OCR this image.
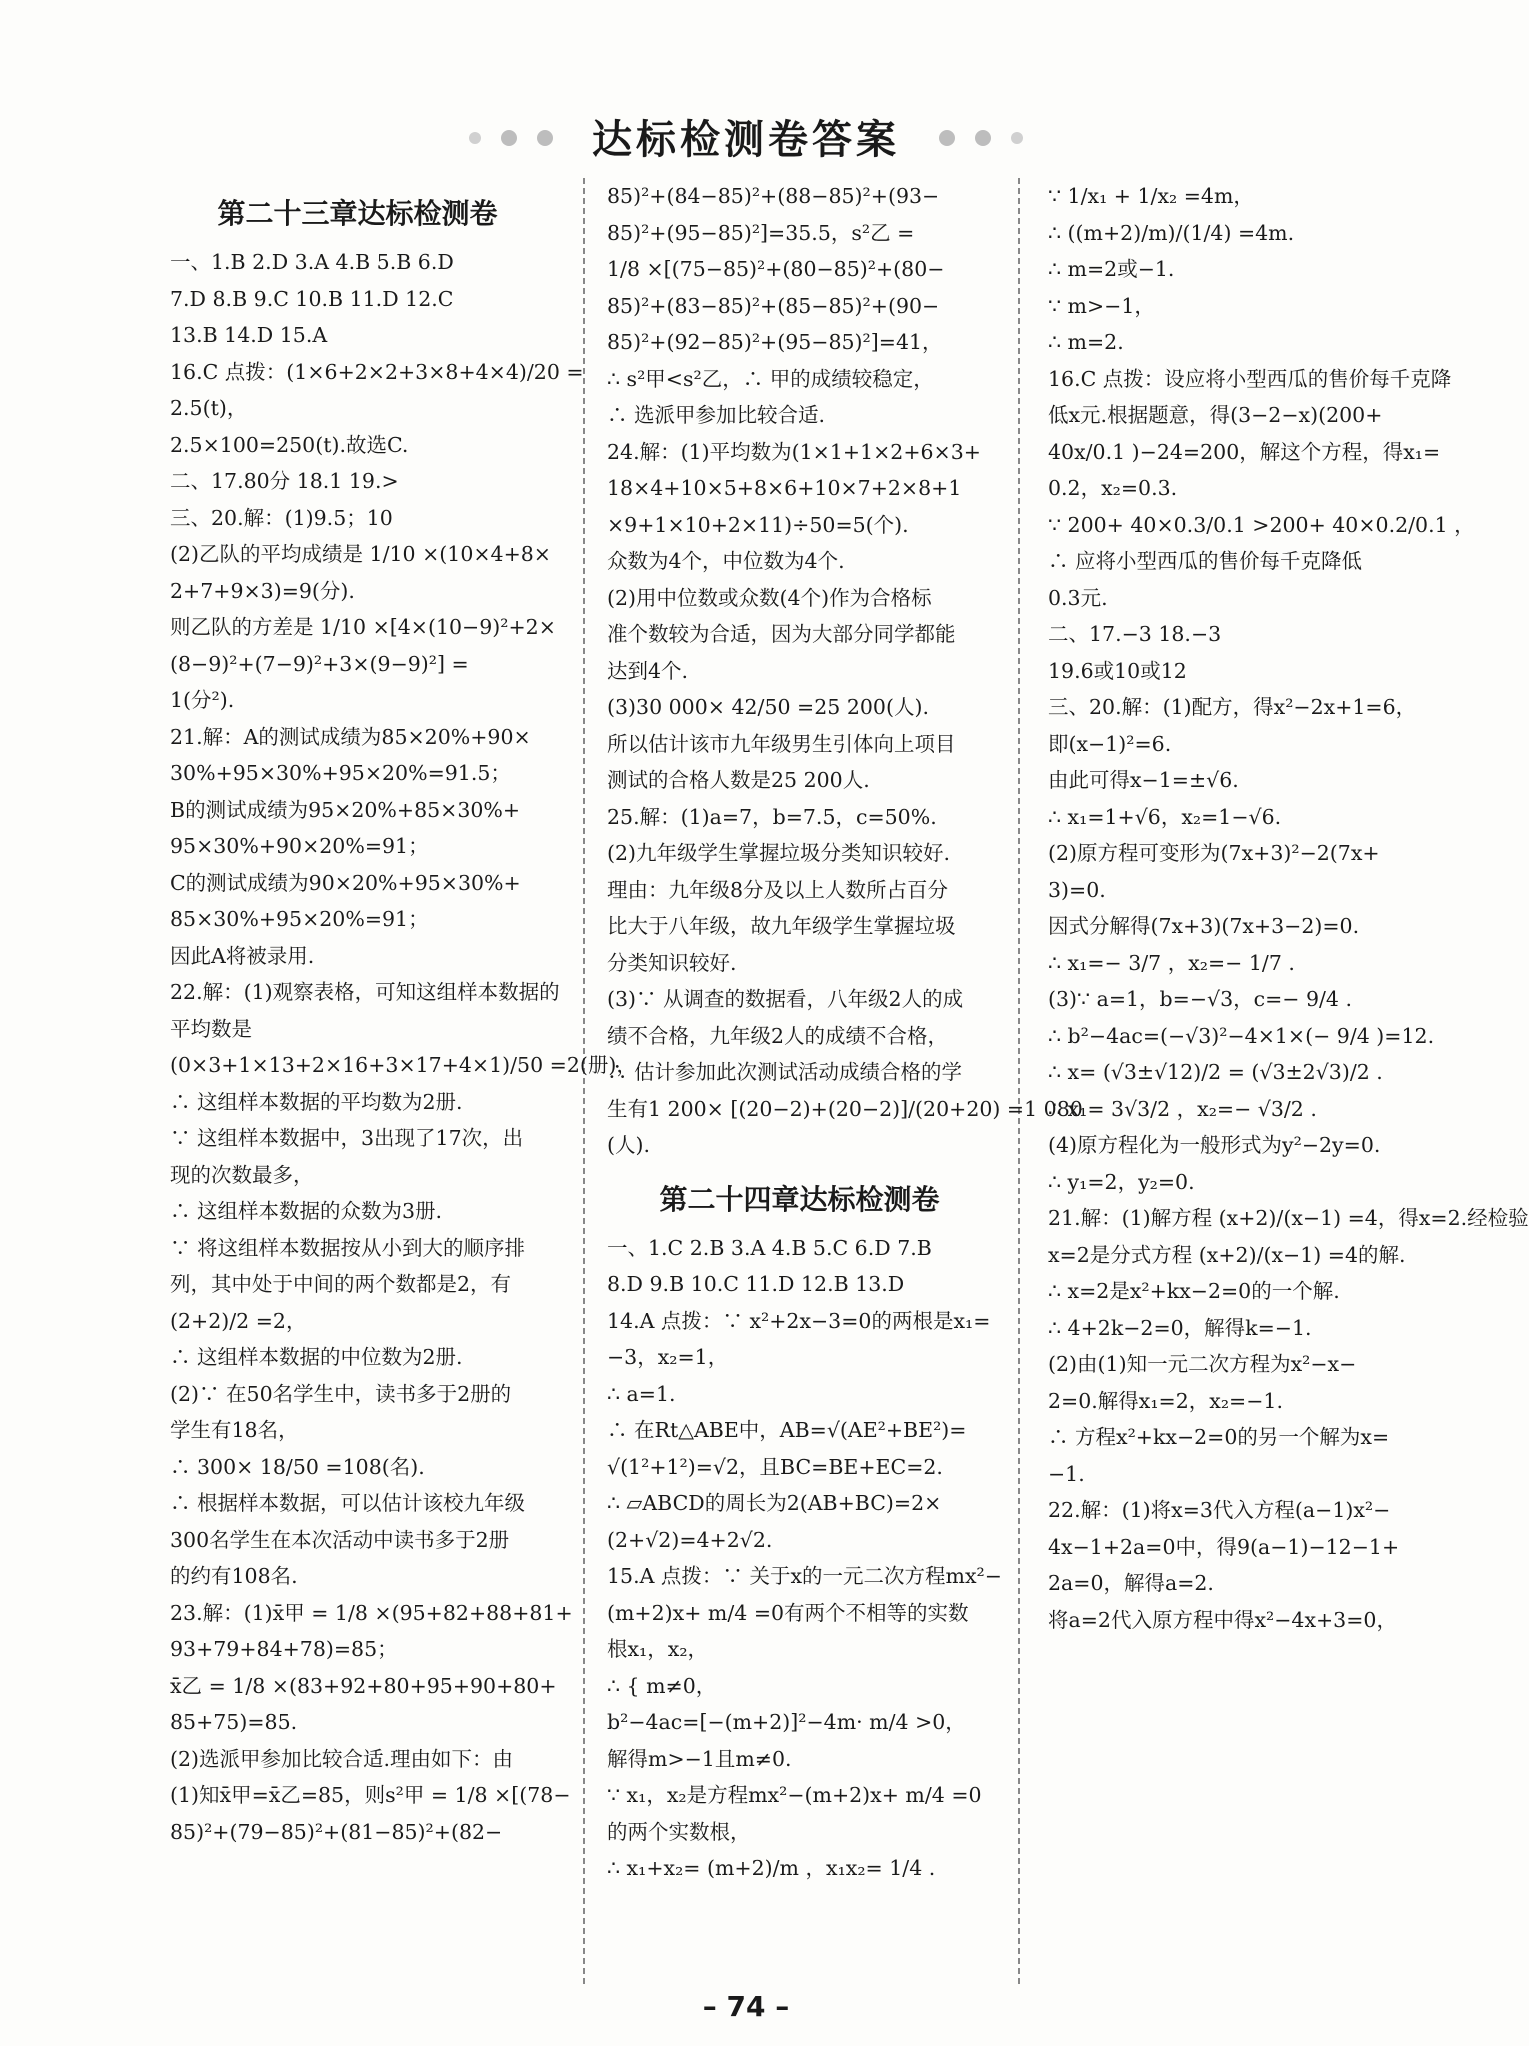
达标检测卷答案
第二十三章达标检测卷
一、1.B 2.D 3.A 4.B 5.B 6.D
7.D 8.B 9.C 10.B 11.D 12.C
13.B 14.D 15.A
16.C 点拨：(1×6+2×2+3×8+4×4)/20 =
2.5(t)，
2.5×100=250(t).故选C.
二、17.80分 18.1 19.>
三、20.解：(1)9.5；10
(2)乙队的平均成绩是 1/10 ×(10×4+8×
2+7+9×3)=9(分).
则乙队的方差是 1/10 ×[4×(10−9)²+2×
(8−9)²+(7−9)²+3×(9−9)²] =
1(分²).
21.解：A的测试成绩为85×20%+90×
30%+95×30%+95×20%=91.5；
B的测试成绩为95×20%+85×30%+
95×30%+90×20%=91；
C的测试成绩为90×20%+95×30%+
85×30%+95×20%=91；
因此A将被录用.
22.解：(1)观察表格，可知这组样本数据的
平均数是
(0×3+1×13+2×16+3×17+4×1)/50 =2(册)，
∴ 这组样本数据的平均数为2册.
∵ 这组样本数据中，3出现了17次，出
现的次数最多，
∴ 这组样本数据的众数为3册.
∵ 将这组样本数据按从小到大的顺序排
列，其中处于中间的两个数都是2，有
(2+2)/2 =2，
∴ 这组样本数据的中位数为2册.
(2)∵ 在50名学生中，读书多于2册的
学生有18名，
∴ 300× 18/50 =108(名).
∴ 根据样本数据，可以估计该校九年级
300名学生在本次活动中读书多于2册
的约有108名.
23.解：(1)x̄甲 = 1/8 ×(95+82+88+81+
93+79+84+78)=85；
x̄乙 = 1/8 ×(83+92+80+95+90+80+
85+75)=85.
(2)选派甲参加比较合适.理由如下：由
(1)知x̄甲=x̄乙=85，则s²甲 = 1/8 ×[(78−
85)²+(79−85)²+(81−85)²+(82−
85)²+(84−85)²+(88−85)²+(93−
85)²+(95−85)²]=35.5，s²乙 =
1/8 ×[(75−85)²+(80−85)²+(80−
85)²+(83−85)²+(85−85)²+(90−
85)²+(92−85)²+(95−85)²]=41，
∴ s²甲<s²乙，∴ 甲的成绩较稳定，
∴ 选派甲参加比较合适.
24.解：(1)平均数为(1×1+1×2+6×3+
18×4+10×5+8×6+10×7+2×8+1
×9+1×10+2×11)÷50=5(个).
众数为4个，中位数为4个.
(2)用中位数或众数(4个)作为合格标
准个数较为合适，因为大部分同学都能
达到4个.
(3)30 000× 42/50 =25 200(人).
所以估计该市九年级男生引体向上项目
测试的合格人数是25 200人.
25.解：(1)a=7，b=7.5，c=50%.
(2)九年级学生掌握垃圾分类知识较好.
理由：九年级8分及以上人数所占百分
比大于八年级，故九年级学生掌握垃圾
分类知识较好.
(3)∵ 从调查的数据看，八年级2人的成
绩不合格，九年级2人的成绩不合格，
∴ 估计参加此次测试活动成绩合格的学
生有1 200× [(20−2)+(20−2)]/(20+20) =1 080
(人).
第二十四章达标检测卷
一、1.C 2.B 3.A 4.B 5.C 6.D 7.B
8.D 9.B 10.C 11.D 12.B 13.D
14.A 点拨：∵ x²+2x−3=0的两根是x₁=
−3，x₂=1，
∴ a=1.
∴ 在Rt△ABE中，AB=√(AE²+BE²)=
√(1²+1²)=√2，且BC=BE+EC=2.
∴ ▱ABCD的周长为2(AB+BC)=2×
(2+√2)=4+2√2.
15.A 点拨：∵ 关于x的一元二次方程mx²−
(m+2)x+ m/4 =0有两个不相等的实数
根x₁，x₂，
∴ { m≠0，
b²−4ac=[−(m+2)]²−4m· m/4 >0，
解得m>−1且m≠0.
∵ x₁，x₂是方程mx²−(m+2)x+ m/4 =0
的两个实数根，
∴ x₁+x₂= (m+2)/m ，x₁x₂= 1/4 .
∵ 1/x₁ + 1/x₂ =4m，
∴ ((m+2)/m)/(1/4) =4m.
∴ m=2或−1.
∵ m>−1，
∴ m=2.
16.C 点拨：设应将小型西瓜的售价每千克降
低x元.根据题意，得(3−2−x)(200+
40x/0.1 )−24=200，解这个方程，得x₁=
0.2，x₂=0.3.
∵ 200+ 40×0.3/0.1 >200+ 40×0.2/0.1 ，
∴ 应将小型西瓜的售价每千克降低
0.3元.
二、17.−3 18.−3
19.6或10或12
三、20.解：(1)配方，得x²−2x+1=6，
即(x−1)²=6.
由此可得x−1=±√6.
∴ x₁=1+√6，x₂=1−√6.
(2)原方程可变形为(7x+3)²−2(7x+
3)=0.
因式分解得(7x+3)(7x+3−2)=0.
∴ x₁=− 3/7 ，x₂=− 1/7 .
(3)∵ a=1，b=−√3，c=− 9/4 .
∴ b²−4ac=(−√3)²−4×1×(− 9/4 )=12.
∴ x= (√3±√12)/2 = (√3±2√3)/2 .
∴ x₁= 3√3/2 ，x₂=− √3/2 .
(4)原方程化为一般形式为y²−2y=0.
∴ y₁=2，y₂=0.
21.解：(1)解方程 (x+2)/(x−1) =4，得x=2.经检验
x=2是分式方程 (x+2)/(x−1) =4的解.
∴ x=2是x²+kx−2=0的一个解.
∴ 4+2k−2=0，解得k=−1.
(2)由(1)知一元二次方程为x²−x−
2=0.解得x₁=2，x₂=−1.
∴ 方程x²+kx−2=0的另一个解为x=
−1.
22.解：(1)将x=3代入方程(a−1)x²−
4x−1+2a=0中，得9(a−1)−12−1+
2a=0，解得a=2.
将a=2代入原方程中得x²−4x+3=0，
– 74 –
